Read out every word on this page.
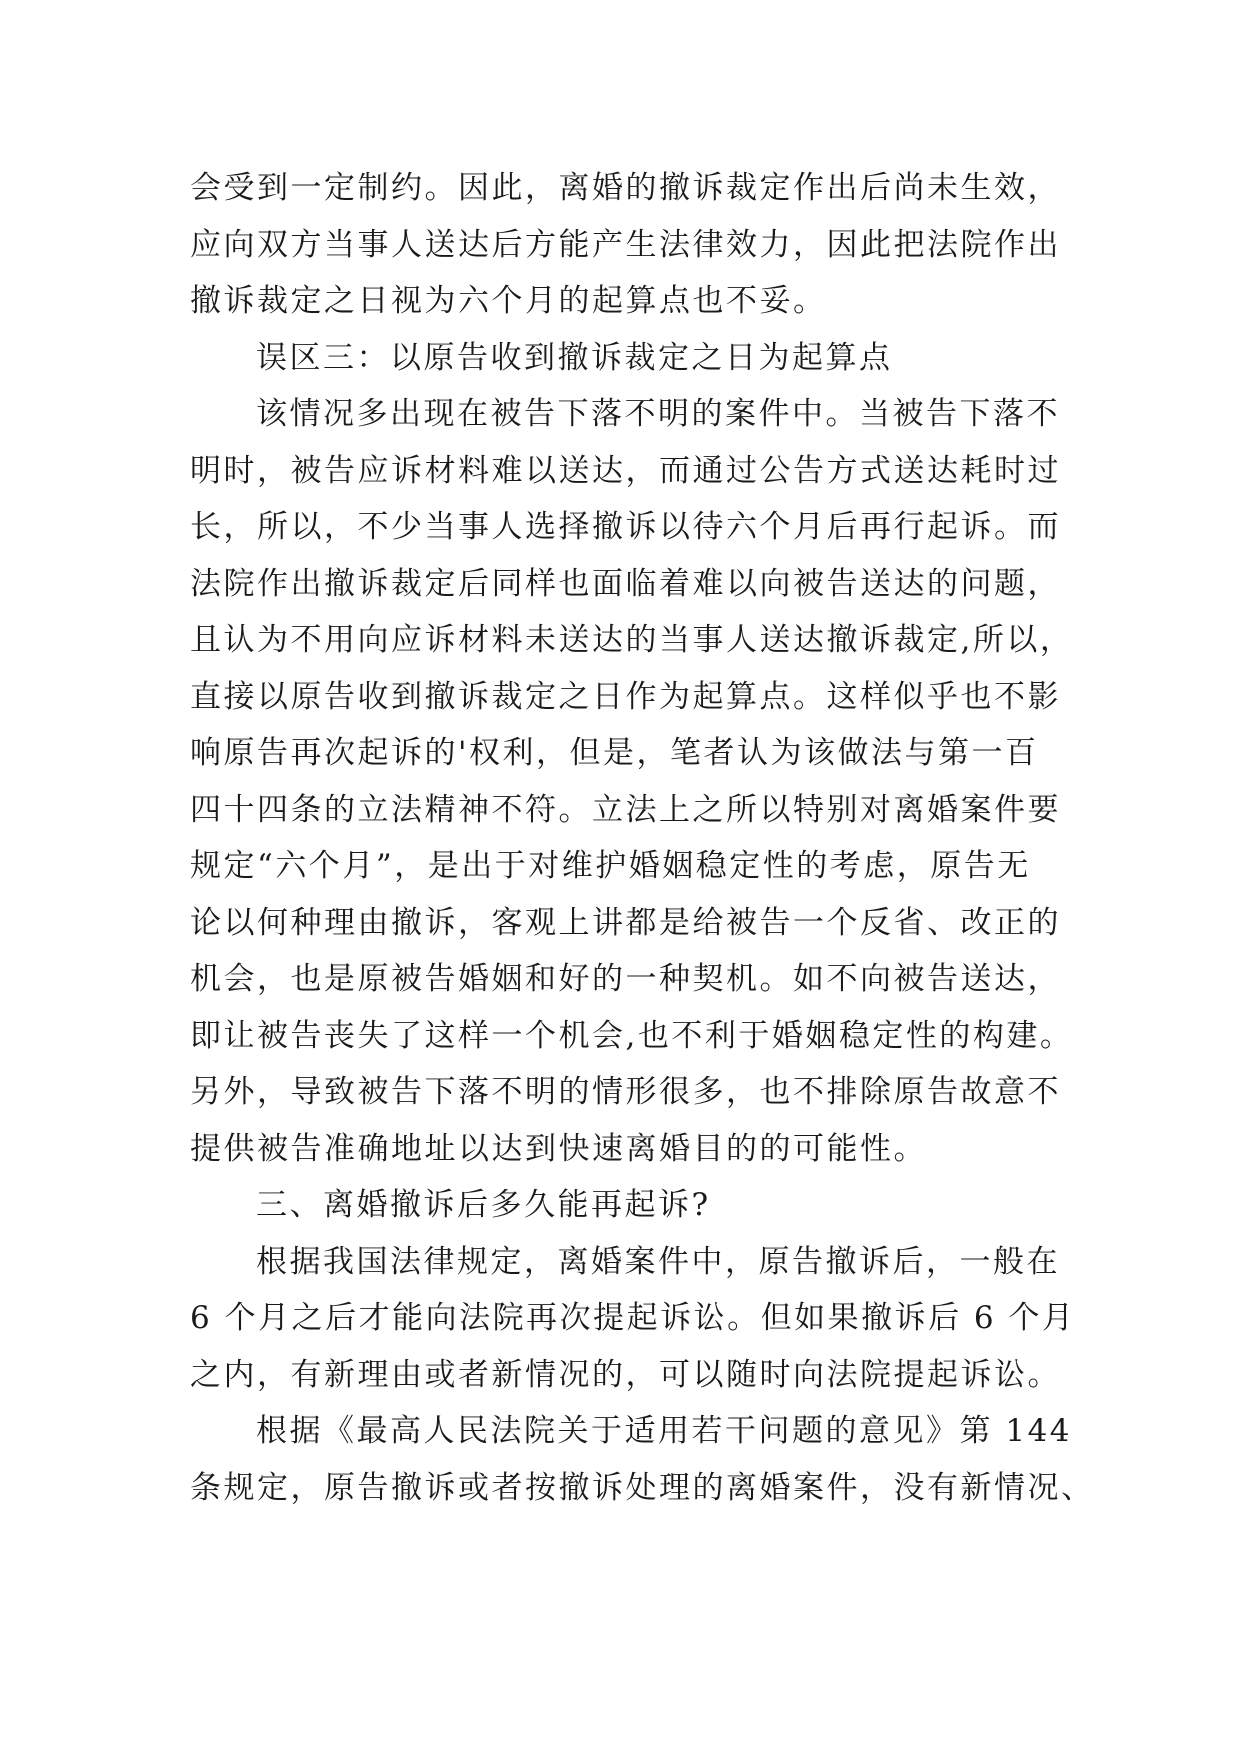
会受到一定制约。因此，离婚的撤诉裁定作出后尚未生效，
应向双方当事人送达后方能产生法律效力，因此把法院作出
撤诉裁定之日视为六个月的起算点也不妥。
误区三：以原告收到撤诉裁定之日为起算点
该情况多出现在被告下落不明的案件中。当被告下落不
明时，被告应诉材料难以送达，而通过公告方式送达耗时过
长，所以，不少当事人选择撤诉以待六个月后再行起诉。而
法院作出撤诉裁定后同样也面临着难以向被告送达的问题，
且认为不用向应诉材料未送达的当事人送达撤诉裁定,所以，
直接以原告收到撤诉裁定之日作为起算点。这样似乎也不影
响原告再次起诉的'权利，但是，笔者认为该做法与第一百
四十四条的立法精神不符。立法上之所以特别对离婚案件要
规定“六个月”，是出于对维护婚姻稳定性的考虑，原告无
论以何种理由撤诉，客观上讲都是给被告一个反省、改正的
机会，也是原被告婚姻和好的一种契机。如不向被告送达，
即让被告丧失了这样一个机会,也不利于婚姻稳定性的构建。
另外，导致被告下落不明的情形很多，也不排除原告故意不
提供被告准确地址以达到快速离婚目的的可能性。
三、离婚撤诉后多久能再起诉?
根据我国法律规定，离婚案件中，原告撤诉后，一般在
6 个月之后才能向法院再次提起诉讼。但如果撤诉后 6 个月
之内，有新理由或者新情况的，可以随时向法院提起诉讼。
根据《最高人民法院关于适用若干问题的意见》第 144
条规定，原告撤诉或者按撤诉处理的离婚案件，没有新情况、
